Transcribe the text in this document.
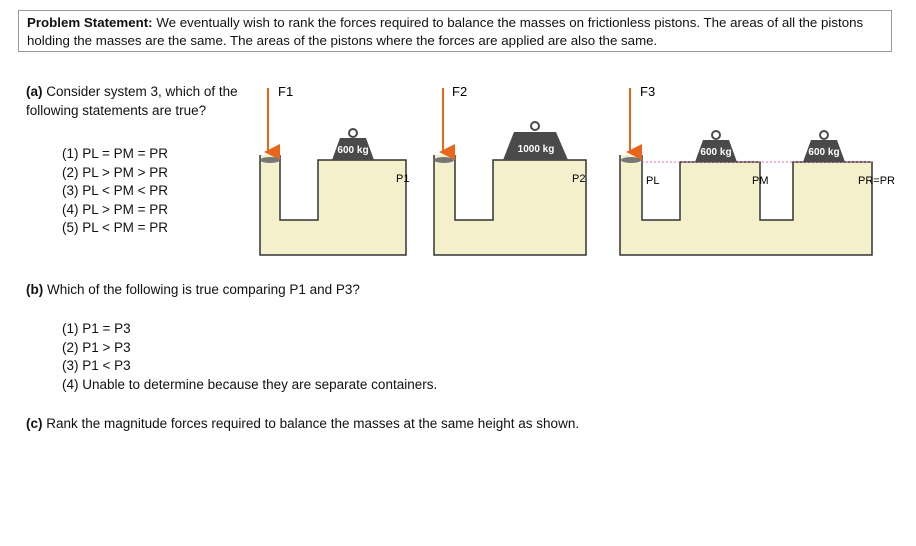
Problem Statement: We eventually wish to rank the forces required to balance the masses on frictionless pistons. The areas of all the pistons holding the masses are the same. The areas of the pistons where the forces are applied are also the same.
(a) Consider system 3, which of the following statements are true?
(1) PL = PM = PR
(2) PL > PM > PR
(3) PL < PM < PR
(4) PL > PM = PR
(5) PL < PM = PR
(b) Which of the following is true comparing P1 and P3?
(1) P1 = P3
(2) P1 > P3
(3) P1 < P3
(4) Unable to determine because they are separate containers.
(c) Rank the magnitude forces required to balance the masses at the same height as shown.
F1
600 kg
P1
F2
1000 kg
P2
F3
600 kg	600 kg
PL	PM	PR=PR
